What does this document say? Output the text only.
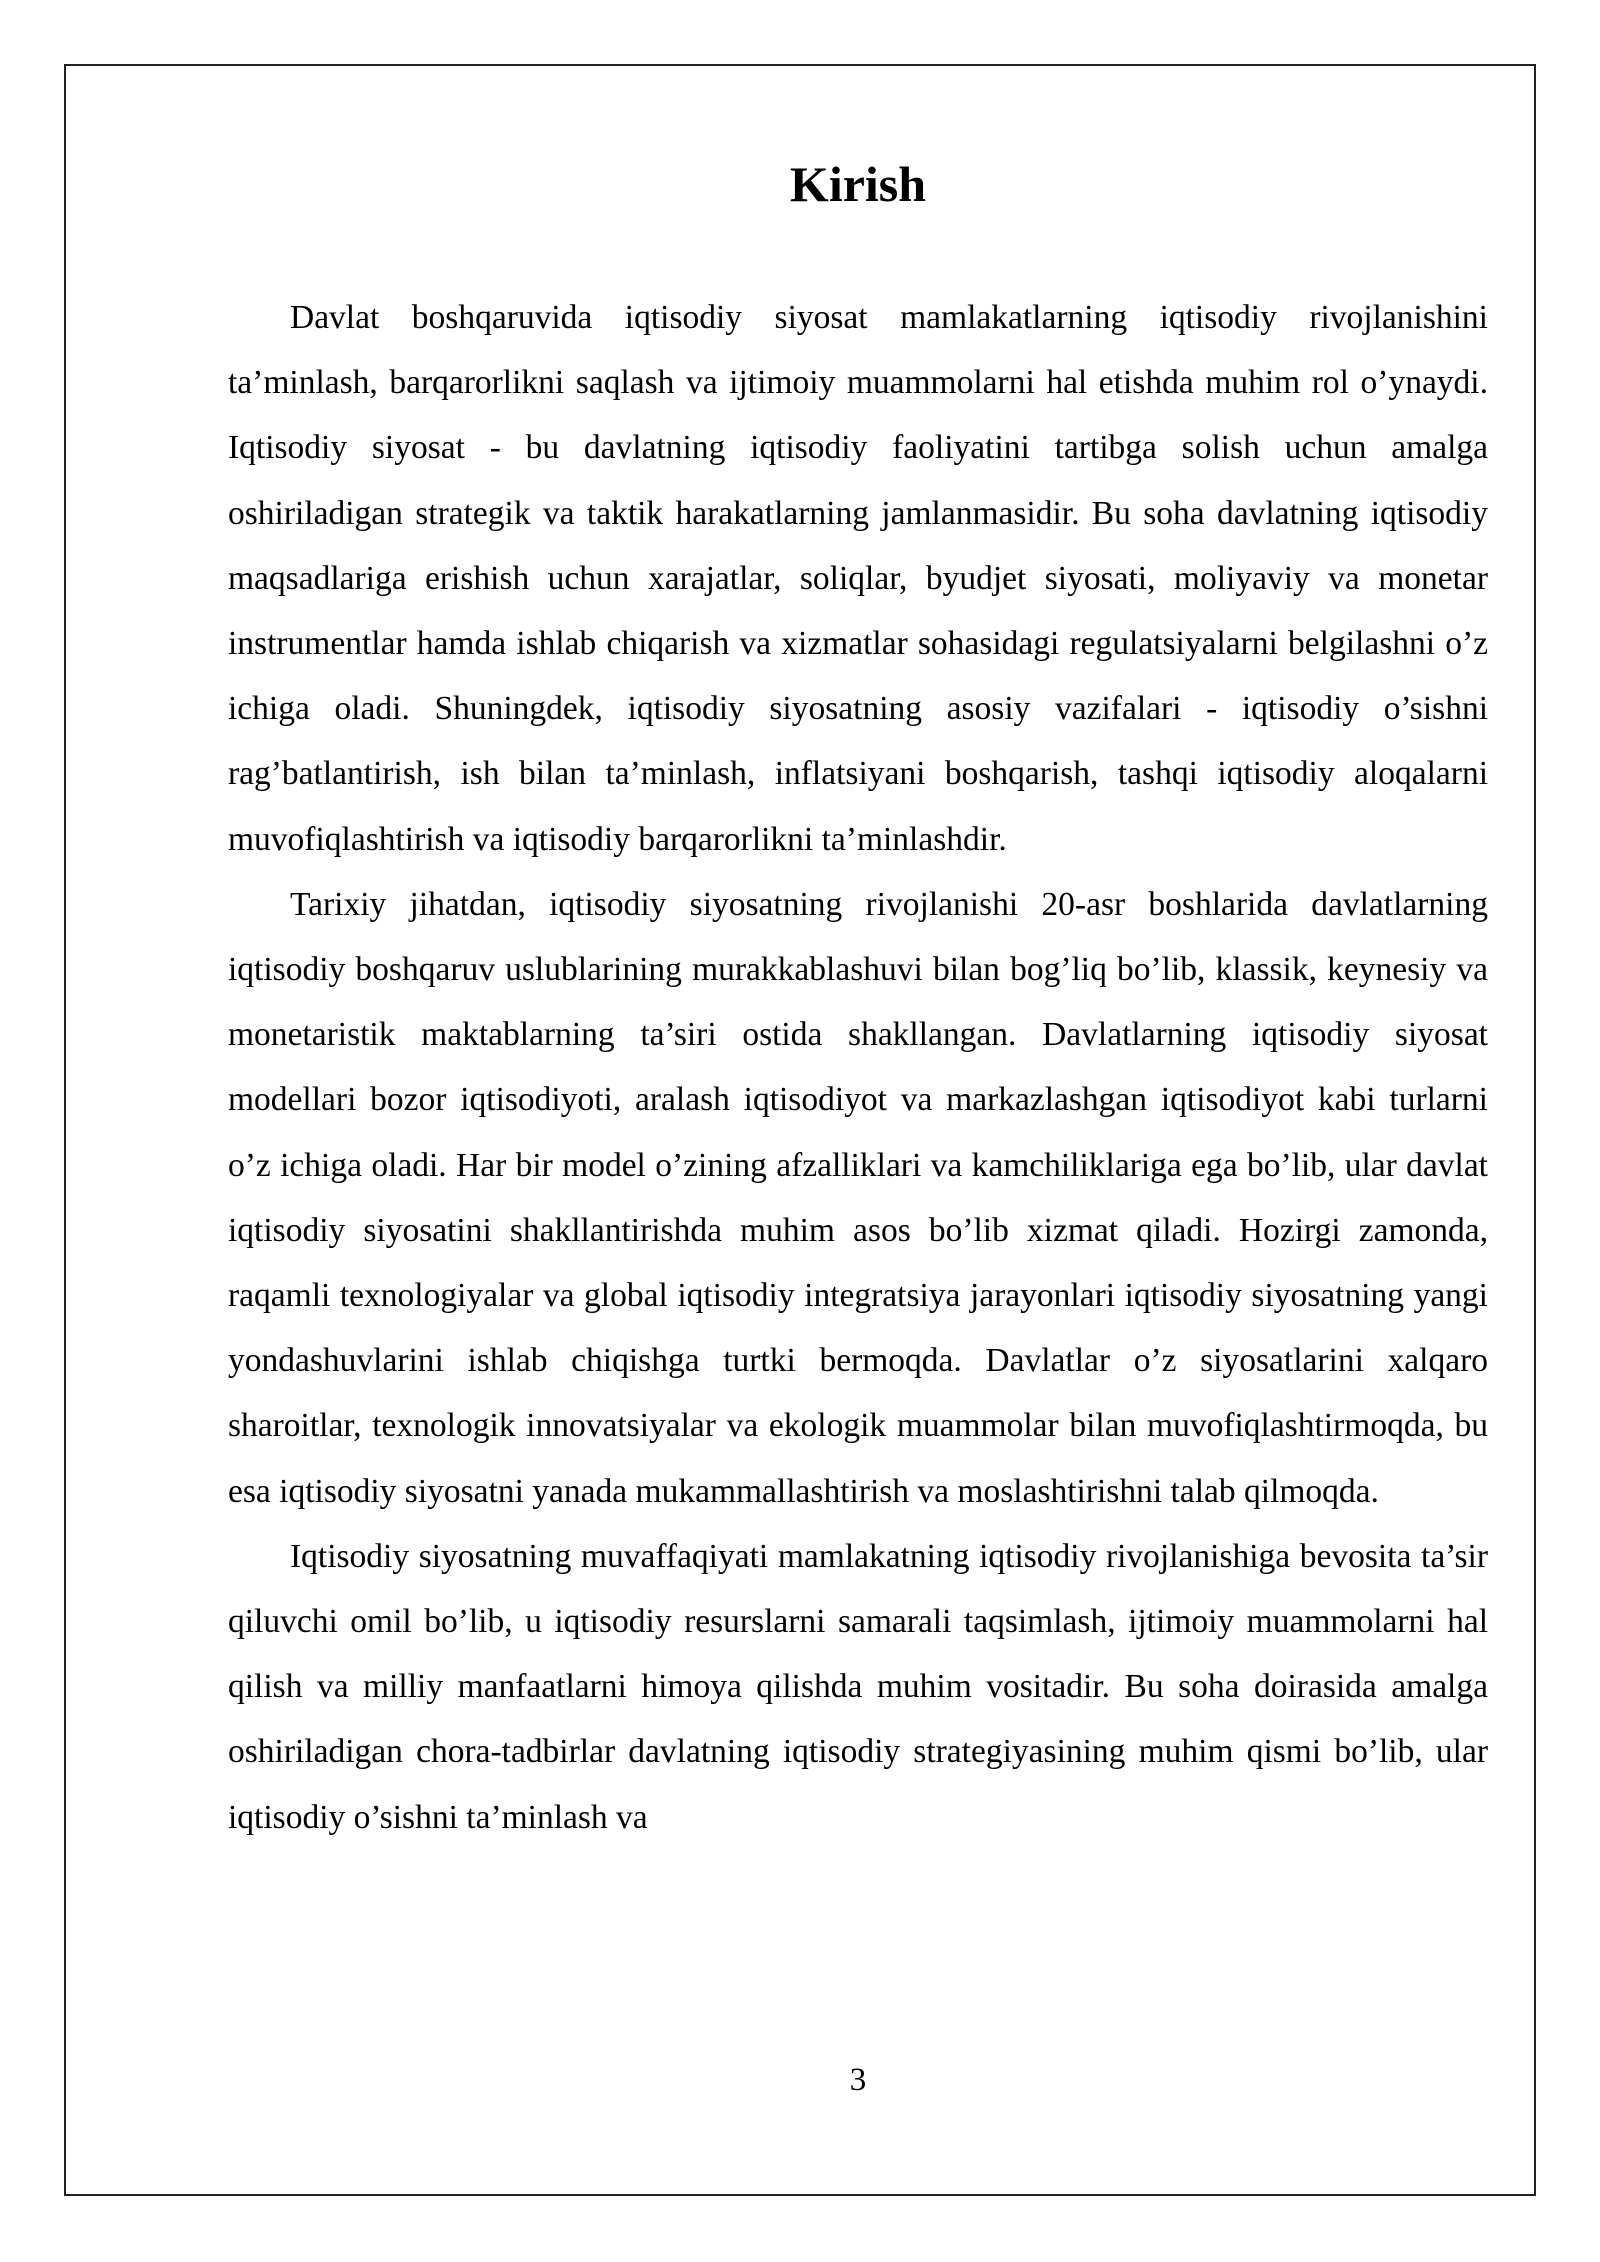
Kirish

Davlat boshqaruvida iqtisodiy siyosat mamlakatlarning iqtisodiy rivojlanishini ta’minlash, barqarorlikni saqlash va ijtimoiy muammolarni hal etishda muhim rol o’ynaydi. Iqtisodiy siyosat - bu davlatning iqtisodiy faoliyatini tartibga solish uchun amalga oshiriladigan strategik va taktik harakatlarning jamlanmasidir. Bu soha davlatning iqtisodiy maqsadlariga erishish uchun xarajatlar, soliqlar, byudjet siyosati, moliyaviy va monetar instrumentlar hamda ishlab chiqarish va xizmatlar sohasidagi regulatsiyalarni belgilashni o’z ichiga oladi. Shuningdek, iqtisodiy siyosatning asosiy vazifalari - iqtisodiy o’sishni rag’batlantirish, ish bilan ta’minlash, inflatsiyani boshqarish, tashqi iqtisodiy aloqalarni muvofiqlashtirish va iqtisodiy barqarorlikni ta’minlashdir.

Tarixiy jihatdan, iqtisodiy siyosatning rivojlanishi 20-asr boshlarida davlatlarning iqtisodiy boshqaruv uslublarining murakkablashuvi bilan bog’liq bo’lib, klassik, keynesiy va monetaristik maktablarning ta’siri ostida shakllangan. Davlatlarning iqtisodiy siyosat modellari bozor iqtisodiyoti, aralash iqtisodiyot va markazlashgan iqtisodiyot kabi turlarni o’z ichiga oladi. Har bir model o’zining afzalliklari va kamchiliklariga ega bo’lib, ular davlat iqtisodiy siyosatini shakllantirishda muhim asos bo’lib xizmat qiladi. Hozirgi zamonda, raqamli texnologiyalar va global iqtisodiy integratsiya jarayonlari iqtisodiy siyosatning yangi yondashuvlarini ishlab chiqishga turtki bermoqda. Davlatlar o’z siyosatlarini xalqaro sharoitlar, texnologik innovatsiyalar va ekologik muammolar bilan muvofiqlashtirmoqda, bu esa iqtisodiy siyosatni yanada mukammallashtirish va moslashtirishni talab qilmoqda.

Iqtisodiy siyosatning muvaffaqiyati mamlakatning iqtisodiy rivojlanishiga bevosita ta’sir qiluvchi omil bo’lib, u iqtisodiy resurslarni samarali taqsimlash, ijtimoiy muammolarni hal qilish va milliy manfaatlarni himoya qilishda muhim vositadir. Bu soha doirasida amalga oshiriladigan chora-tadbirlar davlatning iqtisodiy strategiyasining muhim qismi bo’lib, ular iqtisodiy o’sishni ta’minlash va

3
